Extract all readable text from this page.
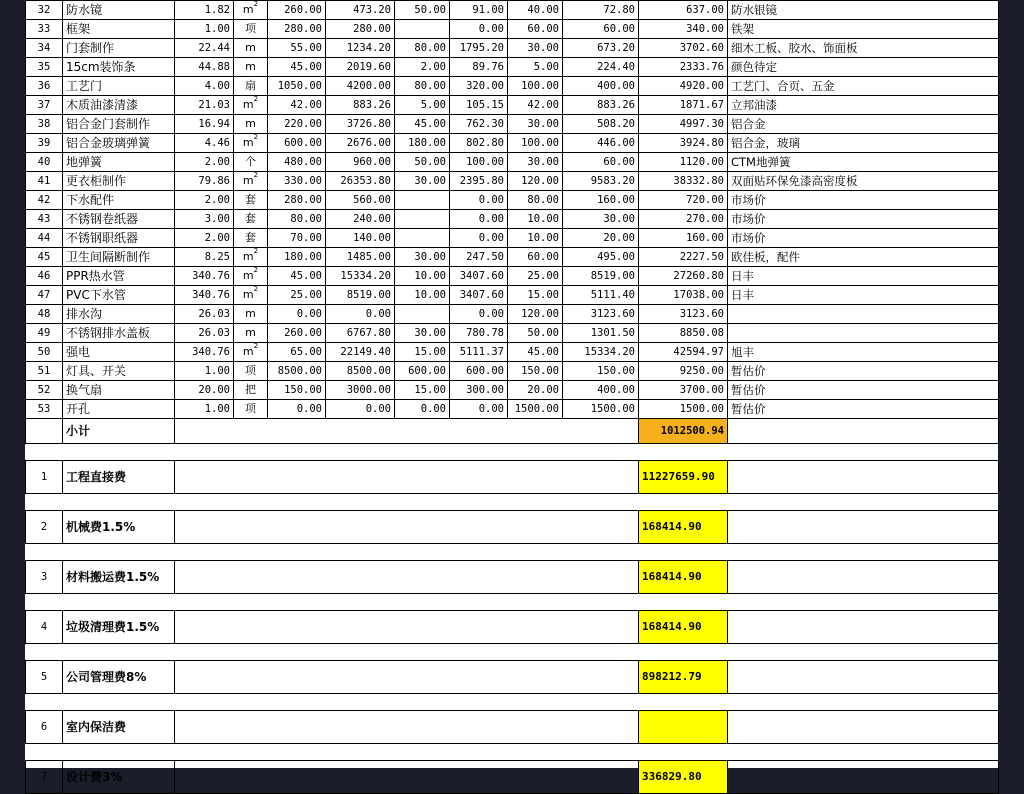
32	防水镜	1.82	$m^2$	260.00	473.20	50.00	91.00	40.00	72.80	637.00	防水银镜
33	框架	1.00	项	280.00	280.00		0.00	60.00	60.00	340.00	铁架
34	门套制作	22.44	m	55.00	1234.20	80.00	1795.20	30.00	673.20	3702.60	细木工板、胶水、饰面板
35	15cm装饰条	44.88	m	45.00	2019.60	2.00	89.76	5.00	224.40	2333.76	颜色待定
36	工艺门	4.00	扇	1050.00	4200.00	80.00	320.00	100.00	400.00	4920.00	工艺门、合页、五金
37	木质油漆清漆	21.03	$m^2$	42.00	883.26	5.00	105.15	42.00	883.26	1871.67	立邦油漆
38	铝合金门套制作	16.94	m	220.00	3726.80	45.00	762.30	30.00	508.20	4997.30	铝合金
39	铝合金玻璃弹簧	4.46	$m^2$	600.00	2676.00	180.00	802.80	100.00	446.00	3924.80	铝合金，玻璃
40	地弹簧	2.00	个	480.00	960.00	50.00	100.00	30.00	60.00	1120.00	CTM地弹簧
41	更衣柜制作	79.86	$m^2$	330.00	26353.80	30.00	2395.80	120.00	9583.20	38332.80	双面贴环保免漆高密度板
42	下水配件	2.00	套	280.00	560.00		0.00	80.00	160.00	720.00	市场价
43	不锈钢卷纸器	3.00	套	80.00	240.00		0.00	10.00	30.00	270.00	市场价
44	不锈钢职纸器	2.00	套	70.00	140.00		0.00	10.00	20.00	160.00	市场价
45	卫生间隔断制作	8.25	$m^2$	180.00	1485.00	30.00	247.50	60.00	495.00	2227.50	欧佳板，配件
46	PPR热水管	340.76	$m^2$	45.00	15334.20	10.00	3407.60	25.00	8519.00	27260.80	日丰
47	PVC下水管	340.76	$m^2$	25.00	8519.00	10.00	3407.60	15.00	5111.40	17038.00	日丰
48	排水沟	26.03	m	0.00	0.00		0.00	120.00	3123.60	3123.60	
49	不锈钢排水盖板	26.03	m	260.00	6767.80	30.00	780.78	50.00	1301.50	8850.08	
50	强电	340.76	$m^2$	65.00	22149.40	15.00	5111.37	45.00	15334.20	42594.97	旭丰
51	灯具、开关	1.00	项	8500.00	8500.00	600.00	600.00	150.00	150.00	9250.00	暂估价
52	换气扇	20.00	把	150.00	3000.00	15.00	300.00	20.00	400.00	3700.00	暂估价
53	开孔	1.00	项	0.00	0.00	0.00	0.00	1500.00	1500.00	1500.00	暂估价
	小计									1012500.94	

1	工程直接费									11227659.90	

2	机械费1.5%									168414.90	

3	材料搬运费1.5%									168414.90	

4	垃圾清理费1.5%									168414.90	

5	公司管理费8%									898212.79	

6	室内保洁费										

7	设计费3%									336829.80	
